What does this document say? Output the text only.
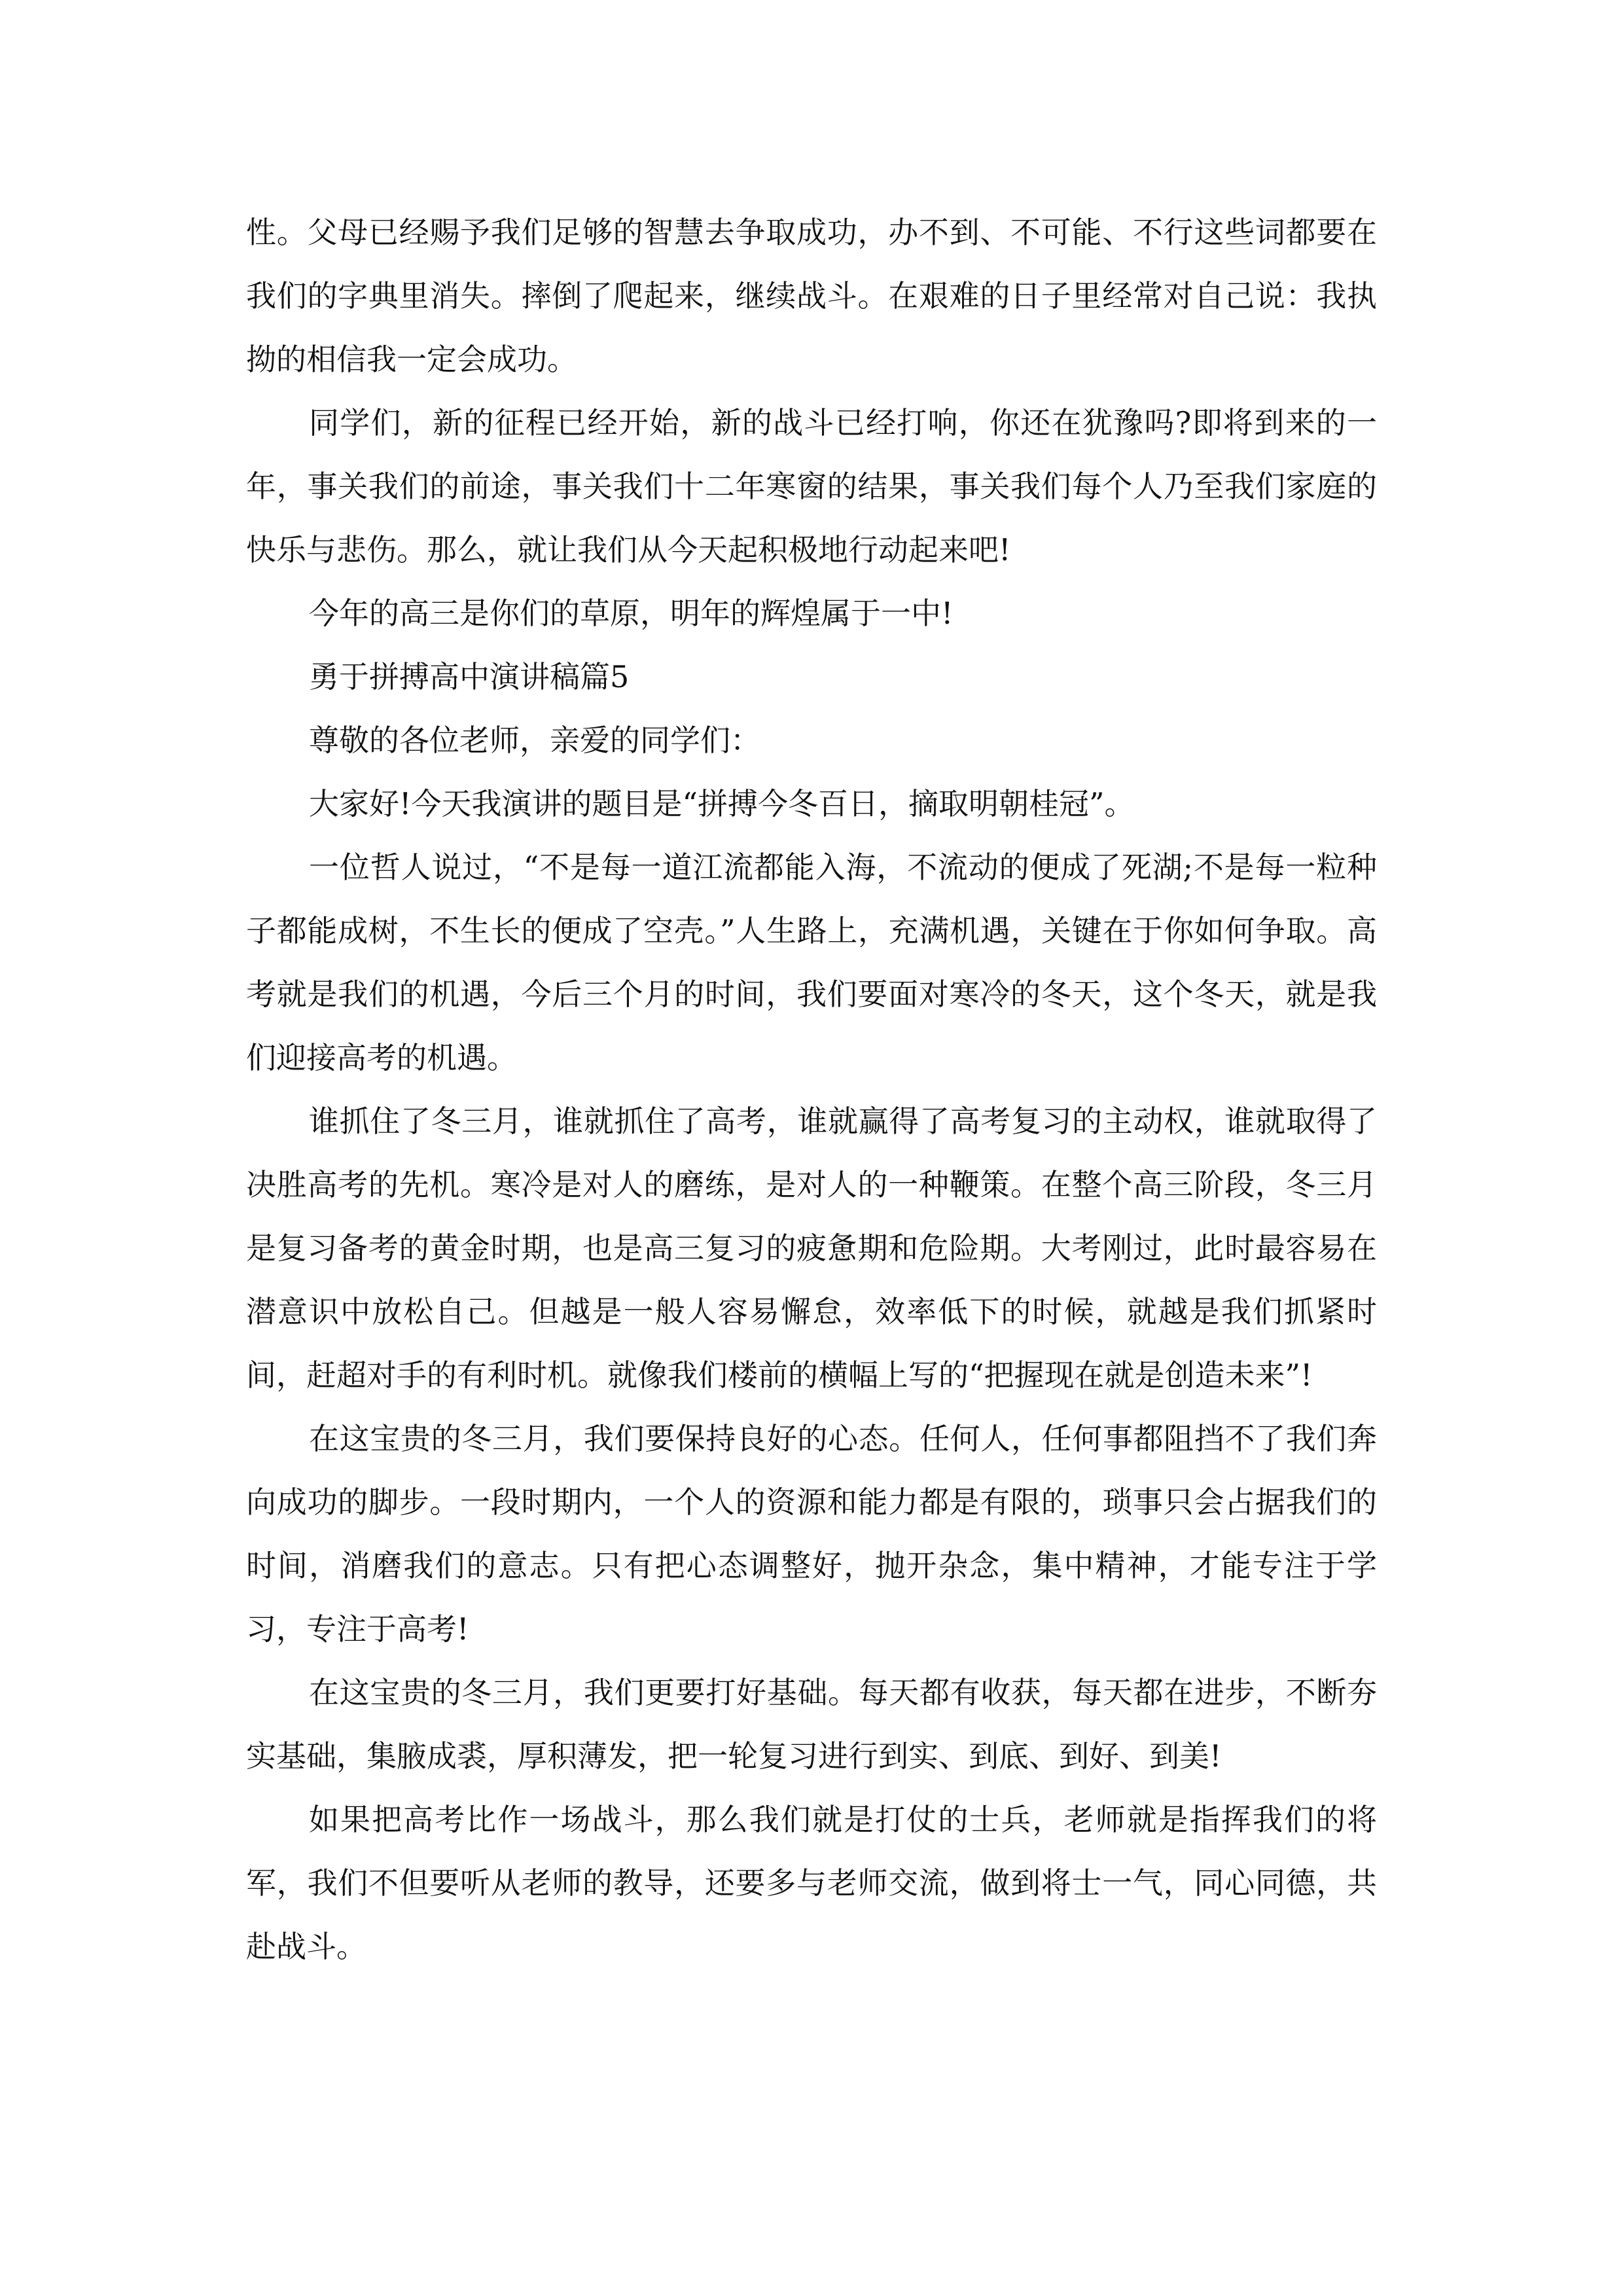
性。父母已经赐予我们足够的智慧去争取成功，办不到、不可能、不行这些词都要在我们的字典里消失。摔倒了爬起来，继续战斗。在艰难的日子里经常对自己说：我执拗的相信我一定会成功。

同学们，新的征程已经开始，新的战斗已经打响，你还在犹豫吗?即将到来的一年，事关我们的前途，事关我们十二年寒窗的结果，事关我们每个人乃至我们家庭的快乐与悲伤。那么，就让我们从今天起积极地行动起来吧!

今年的高三是你们的草原，明年的辉煌属于一中!

勇于拼搏高中演讲稿篇5

尊敬的各位老师，亲爱的同学们：

大家好!今天我演讲的题目是“拼搏今冬百日，摘取明朝桂冠”。

一位哲人说过，“不是每一道江流都能入海，不流动的便成了死湖;不是每一粒种子都能成树，不生长的便成了空壳。”人生路上，充满机遇，关键在于你如何争取。高考就是我们的机遇，今后三个月的时间，我们要面对寒冷的冬天，这个冬天，就是我们迎接高考的机遇。

谁抓住了冬三月，谁就抓住了高考，谁就赢得了高考复习的主动权，谁就取得了决胜高考的先机。寒冷是对人的磨练，是对人的一种鞭策。在整个高三阶段，冬三月是复习备考的黄金时期，也是高三复习的疲惫期和危险期。大考刚过，此时最容易在潜意识中放松自己。但越是一般人容易懈怠，效率低下的时候，就越是我们抓紧时间，赶超对手的有利时机。就像我们楼前的横幅上写的“把握现在就是创造未来”!

在这宝贵的冬三月，我们要保持良好的心态。任何人，任何事都阻挡不了我们奔向成功的脚步。一段时期内，一个人的资源和能力都是有限的，琐事只会占据我们的时间，消磨我们的意志。只有把心态调整好，抛开杂念，集中精神，才能专注于学习，专注于高考!

在这宝贵的冬三月，我们更要打好基础。每天都有收获，每天都在进步，不断夯实基础，集腋成裘，厚积薄发，把一轮复习进行到实、到底、到好、到美!

如果把高考比作一场战斗，那么我们就是打仗的士兵，老师就是指挥我们的将军，我们不但要听从老师的教导，还要多与老师交流，做到将士一气，同心同德，共赴战斗。
